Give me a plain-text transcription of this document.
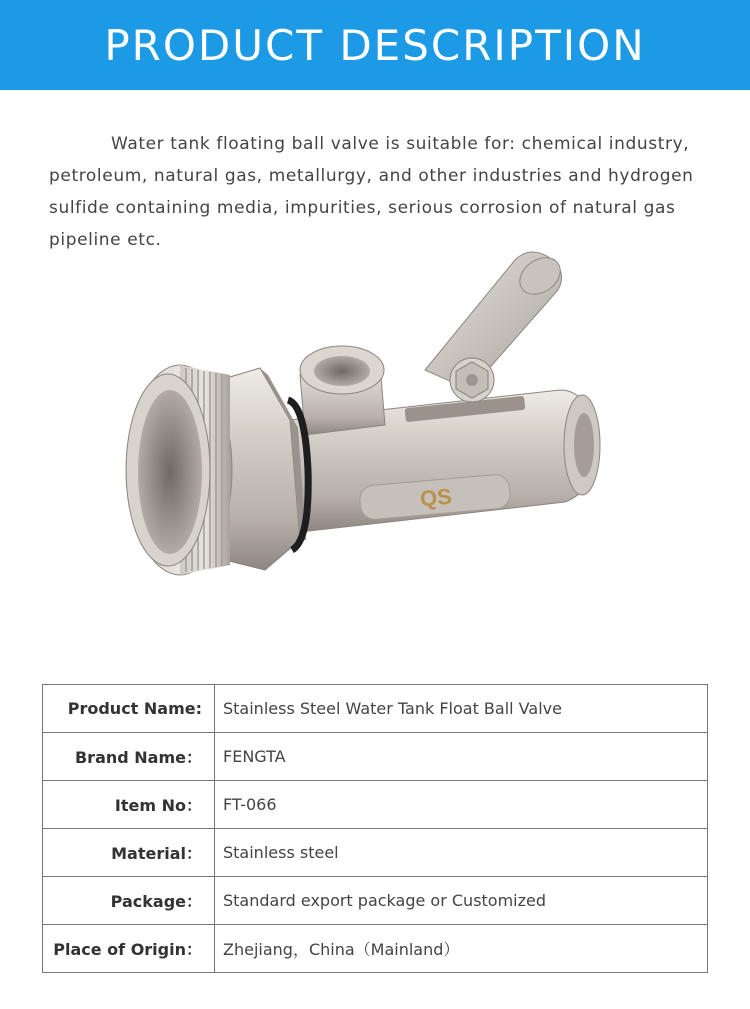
PRODUCT DESCRIPTION

Water tank floating ball valve is suitable for: chemical industry, petroleum, natural gas, metallurgy, and other industries and hydrogen sulfide containing media, impurities, serious corrosion of natural gas pipeline etc.

QS
Product Name:	Stainless Steel Water Tank Float Ball Valve
Brand Name：	FENGTA
Item No：	FT-066
Material：	Stainless steel
Package：	Standard export package or Customized
Place of Origin：	Zhejiang，China（Mainland）
